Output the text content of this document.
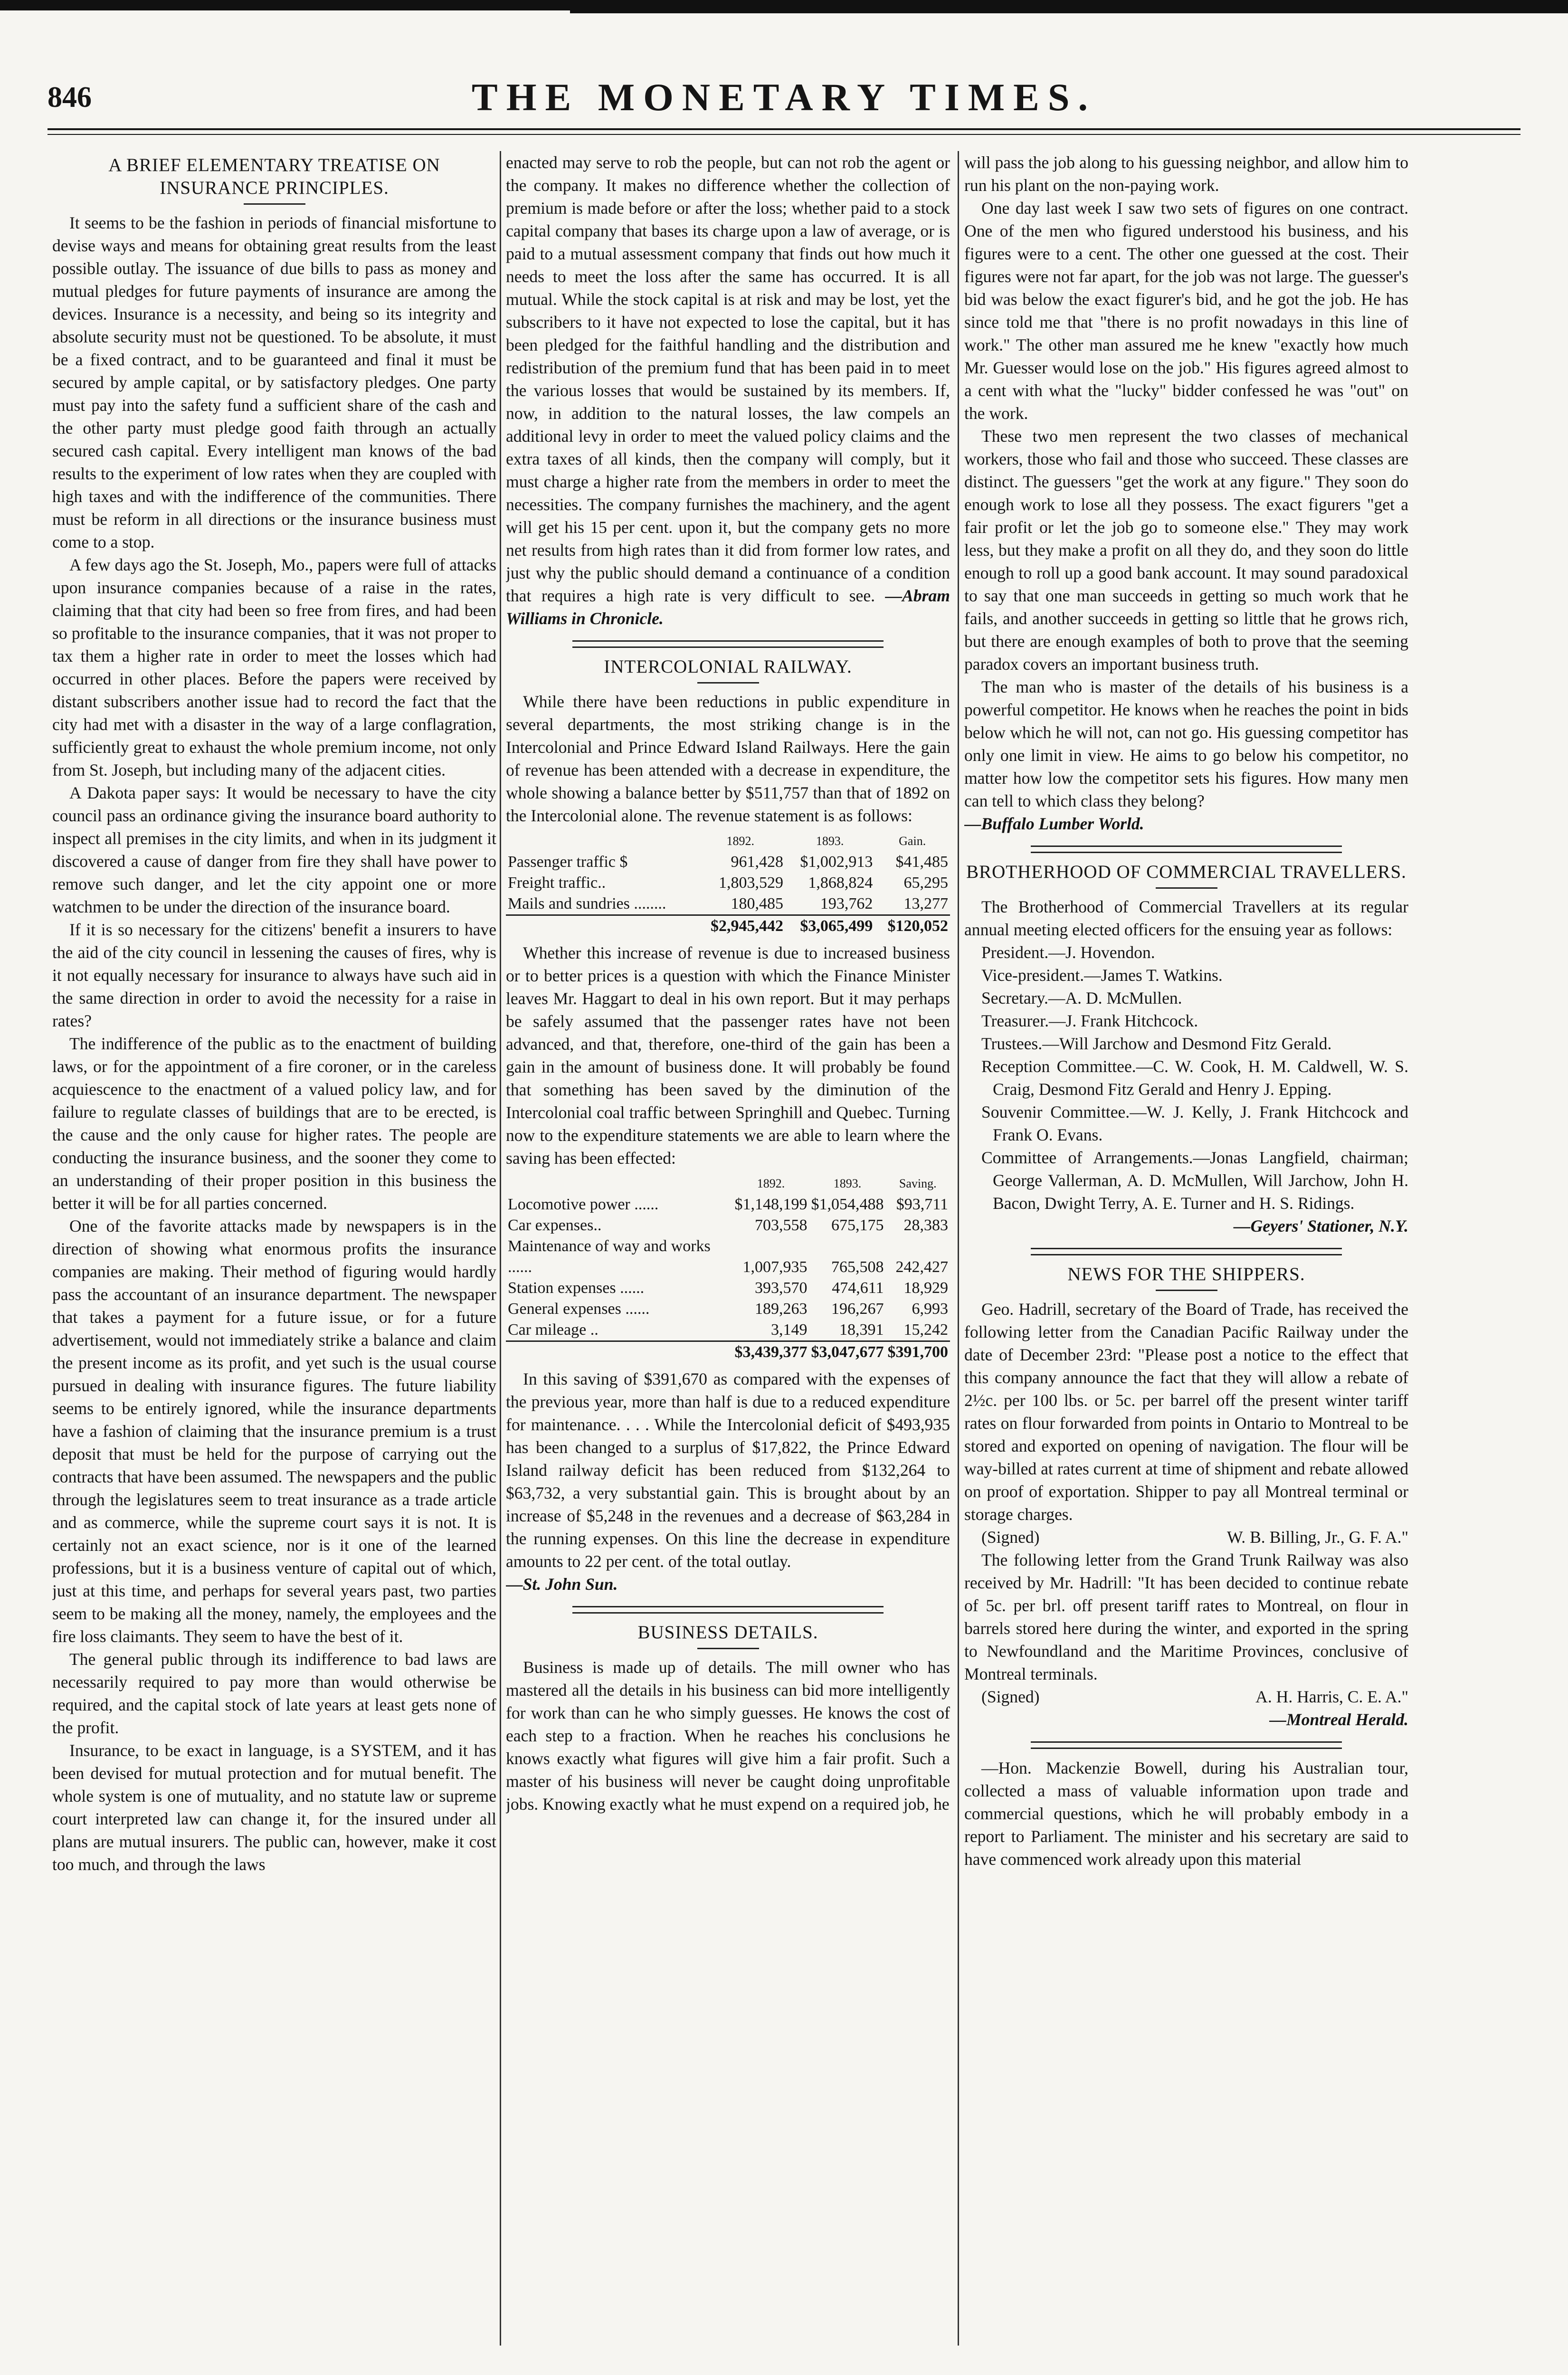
846	THE MONETARY TIMES.
A BRIEF ELEMENTARY TREATISE ON INSURANCE PRINCIPLES.

It seems to be the fashion in periods of financial misfortune to devise ways and means for obtaining great results from the least possible outlay. The issuance of due bills to pass as money and mutual pledges for future payments of insurance are among the devices. Insurance is a necessity, and being so its integrity and absolute security must not be questioned. To be absolute, it must be a fixed contract, and to be guaranteed and final it must be secured by ample capital, or by satisfactory pledges. One party must pay into the safety fund a sufficient share of the cash and the other party must pledge good faith through an actually secured cash capital. Every intelligent man knows of the bad results to the experiment of low rates when they are coupled with high taxes and with the indifference of the communities. There must be reform in all directions or the insurance business must come to a stop.

A few days ago the St. Joseph, Mo., papers were full of attacks upon insurance companies because of a raise in the rates, claiming that that city had been so free from fires, and had been so profitable to the insurance companies, that it was not proper to tax them a higher rate in order to meet the losses which had occurred in other places. Before the papers were received by distant subscribers another issue had to record the fact that the city had met with a disaster in the way of a large conflagration, sufficiently great to exhaust the whole premium income, not only from St. Joseph, but including many of the adjacent cities.

A Dakota paper says: It would be necessary to have the city council pass an ordinance giving the insurance board authority to inspect all premises in the city limits, and when in its judgment it discovered a cause of danger from fire they shall have power to remove such danger, and let the city appoint one or more watchmen to be under the direction of the insurance board.

If it is so necessary for the citizens' benefit a insurers to have the aid of the city council in lessening the causes of fires, why is it not equally necessary for insurance to always have such aid in the same direction in order to avoid the necessity for a raise in rates?

The indifference of the public as to the enactment of building laws, or for the appointment of a fire coroner, or in the careless acquiescence to the enactment of a valued policy law, and for failure to regulate classes of buildings that are to be erected, is the cause and the only cause for higher rates. The people are conducting the insurance business, and the sooner they come to an understanding of their proper position in this business the better it will be for all parties concerned.

One of the favorite attacks made by newspapers is in the direction of showing what enormous profits the insurance companies are making. Their method of figuring would hardly pass the accountant of an insurance department. The newspaper that takes a payment for a future issue, or for a future advertisement, would not immediately strike a balance and claim the present income as its profit, and yet such is the usual course pursued in dealing with insurance figures. The future liability seems to be entirely ignored, while the insurance departments have a fashion of claiming that the insurance premium is a trust deposit that must be held for the purpose of carrying out the contracts that have been assumed. The newspapers and the public through the legislatures seem to treat insurance as a trade article and as commerce, while the supreme court says it is not. It is certainly not an exact science, nor is it one of the learned professions, but it is a business venture of capital out of which, just at this time, and perhaps for several years past, two parties seem to be making all the money, namely, the employees and the fire loss claimants. They seem to have the best of it.

The general public through its indifference to bad laws are necessarily required to pay more than would otherwise be required, and the capital stock of late years at least gets none of the profit.

Insurance, to be exact in language, is a SYSTEM, and it has been devised for mutual protection and for mutual benefit. The whole system is one of mutuality, and no statute law or supreme court interpreted law can change it, for the insured under all plans are mutual insurers. The public can, however, make it cost too much, and through the laws

enacted may serve to rob the people, but can not rob the agent or the company. It makes no difference whether the collection of premium is made before or after the loss; whether paid to a stock capital company that bases its charge upon a law of average, or is paid to a mutual assessment company that finds out how much it needs to meet the loss after the same has occurred. It is all mutual. While the stock capital is at risk and may be lost, yet the subscribers to it have not expected to lose the capital, but it has been pledged for the faithful handling and the distribution and redistribution of the premium fund that has been paid in to meet the various losses that would be sustained by its members. If, now, in addition to the natural losses, the law compels an additional levy in order to meet the valued policy claims and the extra taxes of all kinds, then the company will comply, but it must charge a higher rate from the members in order to meet the necessities. The company furnishes the machinery, and the agent will get his 15 per cent. upon it, but the company gets no more net results from high rates than it did from former low rates, and just why the public should demand a continuance of a condition that requires a high rate is very difficult to see. —Abram Williams in Chronicle.

INTERCOLONIAL RAILWAY.

While there have been reductions in public expenditure in several departments, the most striking change is in the Intercolonial and Prince Edward Island Railways. Here the gain of revenue has been attended with a decrease in expenditure, the whole showing a balance better by $511,757 than that of 1892 on the Intercolonial alone. The revenue statement is as follows:

	1892.	1893.	Gain.
Passenger traffic $	961,428	$1,002,913	$41,485
Freight traffic..	1,803,529	1,868,824	65,295
Mails and sundries ........	180,485	193,762	13,277
	$2,945,442	$3,065,499	$120,052

Whether this increase of revenue is due to increased business or to better prices is a question with which the Finance Minister leaves Mr. Haggart to deal in his own report. But it may perhaps be safely assumed that the passenger rates have not been advanced, and that, therefore, one-third of the gain has been a gain in the amount of business done. It will probably be found that something has been saved by the diminution of the Intercolonial coal traffic between Springhill and Quebec. Turning now to the expenditure statements we are able to learn where the saving has been effected:

	1892.	1893.	Saving.
Locomotive power ......	$1,148,199	$1,054,488	$93,711
Car expenses..	703,558	675,175	28,383
Maintenance of way and works ......	1,007,935	765,508	242,427
Station expenses ......	393,570	474,611	18,929
General expenses ......	189,263	196,267	6,993
Car mileage ..	3,149	18,391	15,242
	$3,439,377	$3,047,677	$391,700

In this saving of $391,670 as compared with the expenses of the previous year, more than half is due to a reduced expenditure for maintenance. . . . While the Intercolonial deficit of $493,935 has been changed to a surplus of $17,822, the Prince Edward Island railway deficit has been reduced from $132,264 to $63,732, a very substantial gain. This is brought about by an increase of $5,248 in the revenues and a decrease of $63,284 in the running expenses. On this line the decrease in expenditure amounts to 22 per cent. of the total outlay.
—St. John Sun.

BUSINESS DETAILS.

Business is made up of details. The mill owner who has mastered all the details in his business can bid more intelligently for work than can he who simply guesses. He knows the cost of each step to a fraction. When he reaches his conclusions he knows exactly what figures will give him a fair profit. Such a master of his business will never be caught doing unprofitable jobs. Knowing exactly what he must expend on a required job, he

will pass the job along to his guessing neighbor, and allow him to run his plant on the non-paying work.

One day last week I saw two sets of figures on one contract. One of the men who figured understood his business, and his figures were to a cent. The other one guessed at the cost. Their figures were not far apart, for the job was not large. The guesser's bid was below the exact figurer's bid, and he got the job. He has since told me that "there is no profit nowadays in this line of work." The other man assured me he knew "exactly how much Mr. Guesser would lose on the job." His figures agreed almost to a cent with what the "lucky" bidder confessed he was "out" on the work.

These two men represent the two classes of mechanical workers, those who fail and those who succeed. These classes are distinct. The guessers "get the work at any figure." They soon do enough work to lose all they possess. The exact figurers "get a fair profit or let the job go to someone else." They may work less, but they make a profit on all they do, and they soon do little enough to roll up a good bank account. It may sound paradoxical to say that one man succeeds in getting so much work that he fails, and another succeeds in getting so little that he grows rich, but there are enough examples of both to prove that the seeming paradox covers an important business truth.

The man who is master of the details of his business is a powerful competitor. He knows when he reaches the point in bids below which he will not, can not go. His guessing competitor has only one limit in view. He aims to go below his competitor, no matter how low the competitor sets his figures. How many men can tell to which class they belong?

—Buffalo Lumber World.

BROTHERHOOD OF COMMERCIAL TRAVELLERS.

The Brotherhood of Commercial Travellers at its regular annual meeting elected officers for the ensuing year as follows:

President.—J. Hovendon.

Vice-president.—James T. Watkins.

Secretary.—A. D. McMullen.

Treasurer.—J. Frank Hitchcock.

Trustees.—Will Jarchow and Desmond Fitz Gerald.

Reception Committee.—C. W. Cook, H. M. Caldwell, W. S. Craig, Desmond Fitz Gerald and Henry J. Epping.

Souvenir Committee.—W. J. Kelly, J. Frank Hitchcock and Frank O. Evans.

Committee of Arrangements.—Jonas Langfield, chairman; George Vallerman, A. D. McMullen, Will Jarchow, John H. Bacon, Dwight Terry, A. E. Turner and H. S. Ridings.

—Geyers' Stationer, N.Y.

NEWS FOR THE SHIPPERS.

Geo. Hadrill, secretary of the Board of Trade, has received the following letter from the Canadian Pacific Railway under the date of December 23rd: "Please post a notice to the effect that this company announce the fact that they will allow a rebate of 2½c. per 100 lbs. or 5c. per barrel off the present winter tariff rates on flour forwarded from points in Ontario to Montreal to be stored and exported on opening of navigation. The flour will be way-billed at rates current at time of shipment and rebate allowed on proof of exportation. Shipper to pay all Montreal terminal or storage charges.

(Signed)	W. B. Billing, Jr., G. F. A."

The following letter from the Grand Trunk Railway was also received by Mr. Hadrill: "It has been decided to continue rebate of 5c. per brl. off present tariff rates to Montreal, on flour in barrels stored here during the winter, and exported in the spring to Newfoundland and the Maritime Provinces, conclusive of Montreal terminals.

(Signed)	A. H. Harris, C. E. A."

—Montreal Herald.

—Hon. Mackenzie Bowell, during his Australian tour, collected a mass of valuable information upon trade and commercial questions, which he will probably embody in a report to Parliament. The minister and his secretary are said to have commenced work already upon this material
